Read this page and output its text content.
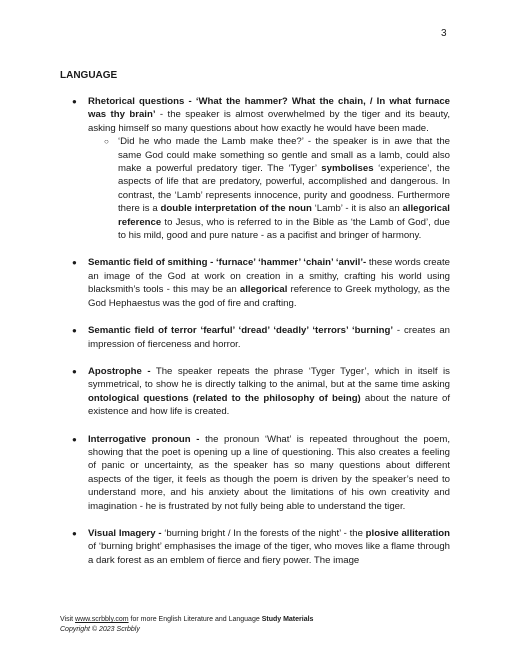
3
LANGUAGE
● Rhetorical questions - ‘What the hammer? What the chain, / In what furnace was thy brain’ - the speaker is almost overwhelmed by the tiger and its beauty, asking himself so many questions about how exactly he would have been made.
○ ‘Did he who made the Lamb make thee?’ - the speaker is in awe that the same God could make something so gentle and small as a lamb, could also make a powerful predatory tiger. The ‘Tyger’ symbolises ‘experience’, the aspects of life that are predatory, powerful, accomplished and dangerous. In contrast, the ‘Lamb’ represents innocence, purity and goodness. Furthermore there is a double interpretation of the noun ‘Lamb’ - it is also an allegorical reference to Jesus, who is referred to in the Bible as ‘the Lamb of God’, due to his mild, good and pure nature - as a pacifist and bringer of harmony.
● Semantic field of smithing - ‘furnace’ ‘hammer’ ‘chain’ ‘anvil’- these words create an image of the God at work on creation in a smithy, crafting his world using blacksmith’s tools - this may be an allegorical reference to Greek mythology, as the God Hephaestus was the god of fire and crafting.
● Semantic field of terror ‘fearful’ ‘dread’ ‘deadly’ ‘terrors’ ‘burning’ - creates an impression of fierceness and horror.
● Apostrophe - The speaker repeats the phrase ‘Tyger Tyger’, which in itself is symmetrical, to show he is directly talking to the animal, but at the same time asking ontological questions (related to the philosophy of being) about the nature of existence and how life is created.
● Interrogative pronoun - the pronoun ‘What’ is repeated throughout the poem, showing that the poet is opening up a line of questioning. This also creates a feeling of panic or uncertainty, as the speaker has so many questions about different aspects of the tiger, it feels as though the poem is driven by the speaker’s need to understand more, and his anxiety about the limitations of his own creativity and imagination - he is frustrated by not fully being able to understand the tiger.
● Visual Imagery - ‘burning bright / In the forests of the night’ - the plosive alliteration of ‘burning bright’ emphasises the image of the tiger, who moves like a flame through a dark forest as an emblem of fierce and fiery power. The image
Visit www.scrbbly.com for more English Literature and Language Study Materials
Copyright © 2023 Scrbbly
